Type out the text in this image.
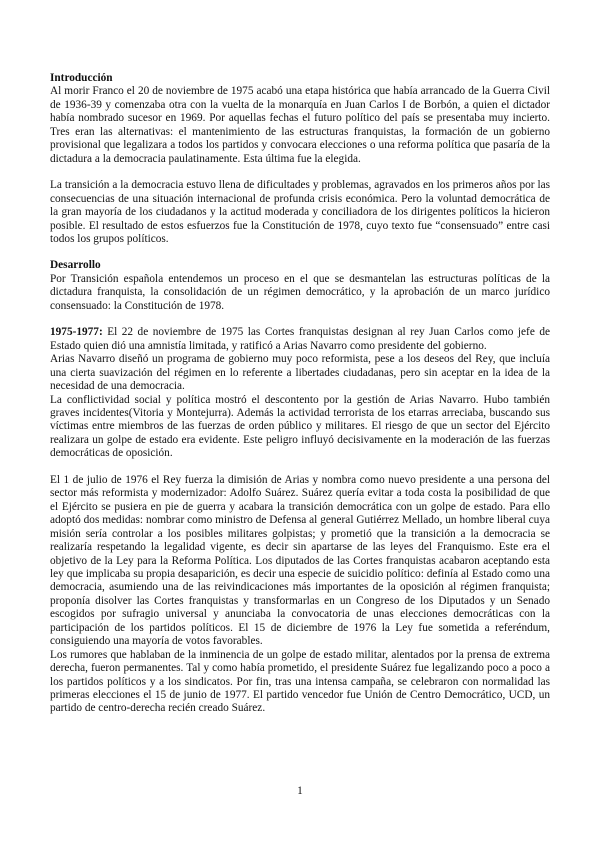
Introducción

Al morir Franco el 20 de noviembre de 1975 acabó una etapa histórica que había arrancado de la Guerra Civil de 1936-39 y comenzaba otra con la vuelta de la monarquía en Juan Carlos I de Borbón, a quien el dictador había nombrado sucesor en 1969. Por aquellas fechas el futuro político del país se presentaba muy incierto. Tres eran las alternativas: el mantenimiento de las estructuras franquistas, la formación de un gobierno provisional que legalizara a todos los partidos y convocara elecciones o una reforma política que pasaría de la dictadura a la democracia paulatinamente. Esta última fue la elegida.

La transición a la democracia estuvo llena de dificultades y problemas, agravados en los primeros años por las consecuencias de una situación internacional de profunda crisis económica. Pero la voluntad democrática de la gran mayoría de los ciudadanos y la actitud moderada y conciliadora de los dirigentes políticos la hicieron posible. El resultado de estos esfuerzos fue la Constitución de 1978, cuyo texto fue “consensuado” entre casi todos los grupos políticos.

Desarrollo

Por Transición española entendemos un proceso en el que se desmantelan las estructuras políticas de la dictadura franquista, la consolidación de un régimen democrático, y la aprobación de un marco jurídico consensuado: la Constitución de 1978.

1975-1977: El 22 de noviembre de 1975 las Cortes franquistas designan al rey Juan Carlos como jefe de Estado quien dió una amnistía limitada, y ratificó a Arias Navarro como presidente del gobierno.

Arias Navarro diseñó un programa de gobierno muy poco reformista, pese a los deseos del Rey, que incluía una cierta suavización del régimen en lo referente a libertades ciudadanas, pero sin aceptar en la idea de la necesidad de una democracia.

La conflictividad social y política mostró el descontento por la gestión de Arias Navarro. Hubo también graves incidentes(Vitoria y Montejurra). Además la actividad terrorista de los etarras arreciaba, buscando sus víctimas entre miembros de las fuerzas de orden público y militares. El riesgo de que un sector del Ejército realizara un golpe de estado era evidente. Este peligro influyó decisivamente en la moderación de las fuerzas democráticas de oposición.

El 1 de julio de 1976 el Rey fuerza la dimisión de Arias y nombra como nuevo presidente a una persona del sector más reformista y modernizador: Adolfo Suárez. Suárez quería evitar a toda costa la posibilidad de que el Ejército se pusiera en pie de guerra y acabara la transición democrática con un golpe de estado. Para ello adoptó dos medidas: nombrar como ministro de Defensa al general Gutiérrez Mellado, un hombre liberal cuya misión sería controlar a los posibles militares golpistas; y prometió que la transición a la democracia se realizaría respetando la legalidad vigente, es decir sin apartarse de las leyes del Franquismo. Este era el objetivo de la Ley para la Reforma Política. Los diputados de las Cortes franquistas acabaron aceptando esta ley que implicaba su propia desaparición, es decir una especie de suicidio político: definía al Estado como una democracia, asumiendo una de las reivindicaciones más importantes de la oposición al régimen franquista; proponía disolver las Cortes franquistas y transformarlas en un Congreso de los Diputados y un Senado escogidos por sufragio universal y anunciaba la convocatoria de unas elecciones democráticas con la participación de los partidos políticos. El 15 de diciembre de 1976 la Ley fue sometida a referéndum, consiguiendo una mayoría de votos favorables.

Los rumores que hablaban de la inminencia de un golpe de estado militar, alentados por la prensa de extrema derecha, fueron permanentes. Tal y como había prometido, el presidente Suárez fue legalizando poco a poco a los partidos políticos y a los sindicatos. Por fin, tras una intensa campaña, se celebraron con normalidad las primeras elecciones el 15 de junio de 1977. El partido vencedor fue Unión de Centro Democrático, UCD, un partido de centro-derecha recién creado Suárez.

1
